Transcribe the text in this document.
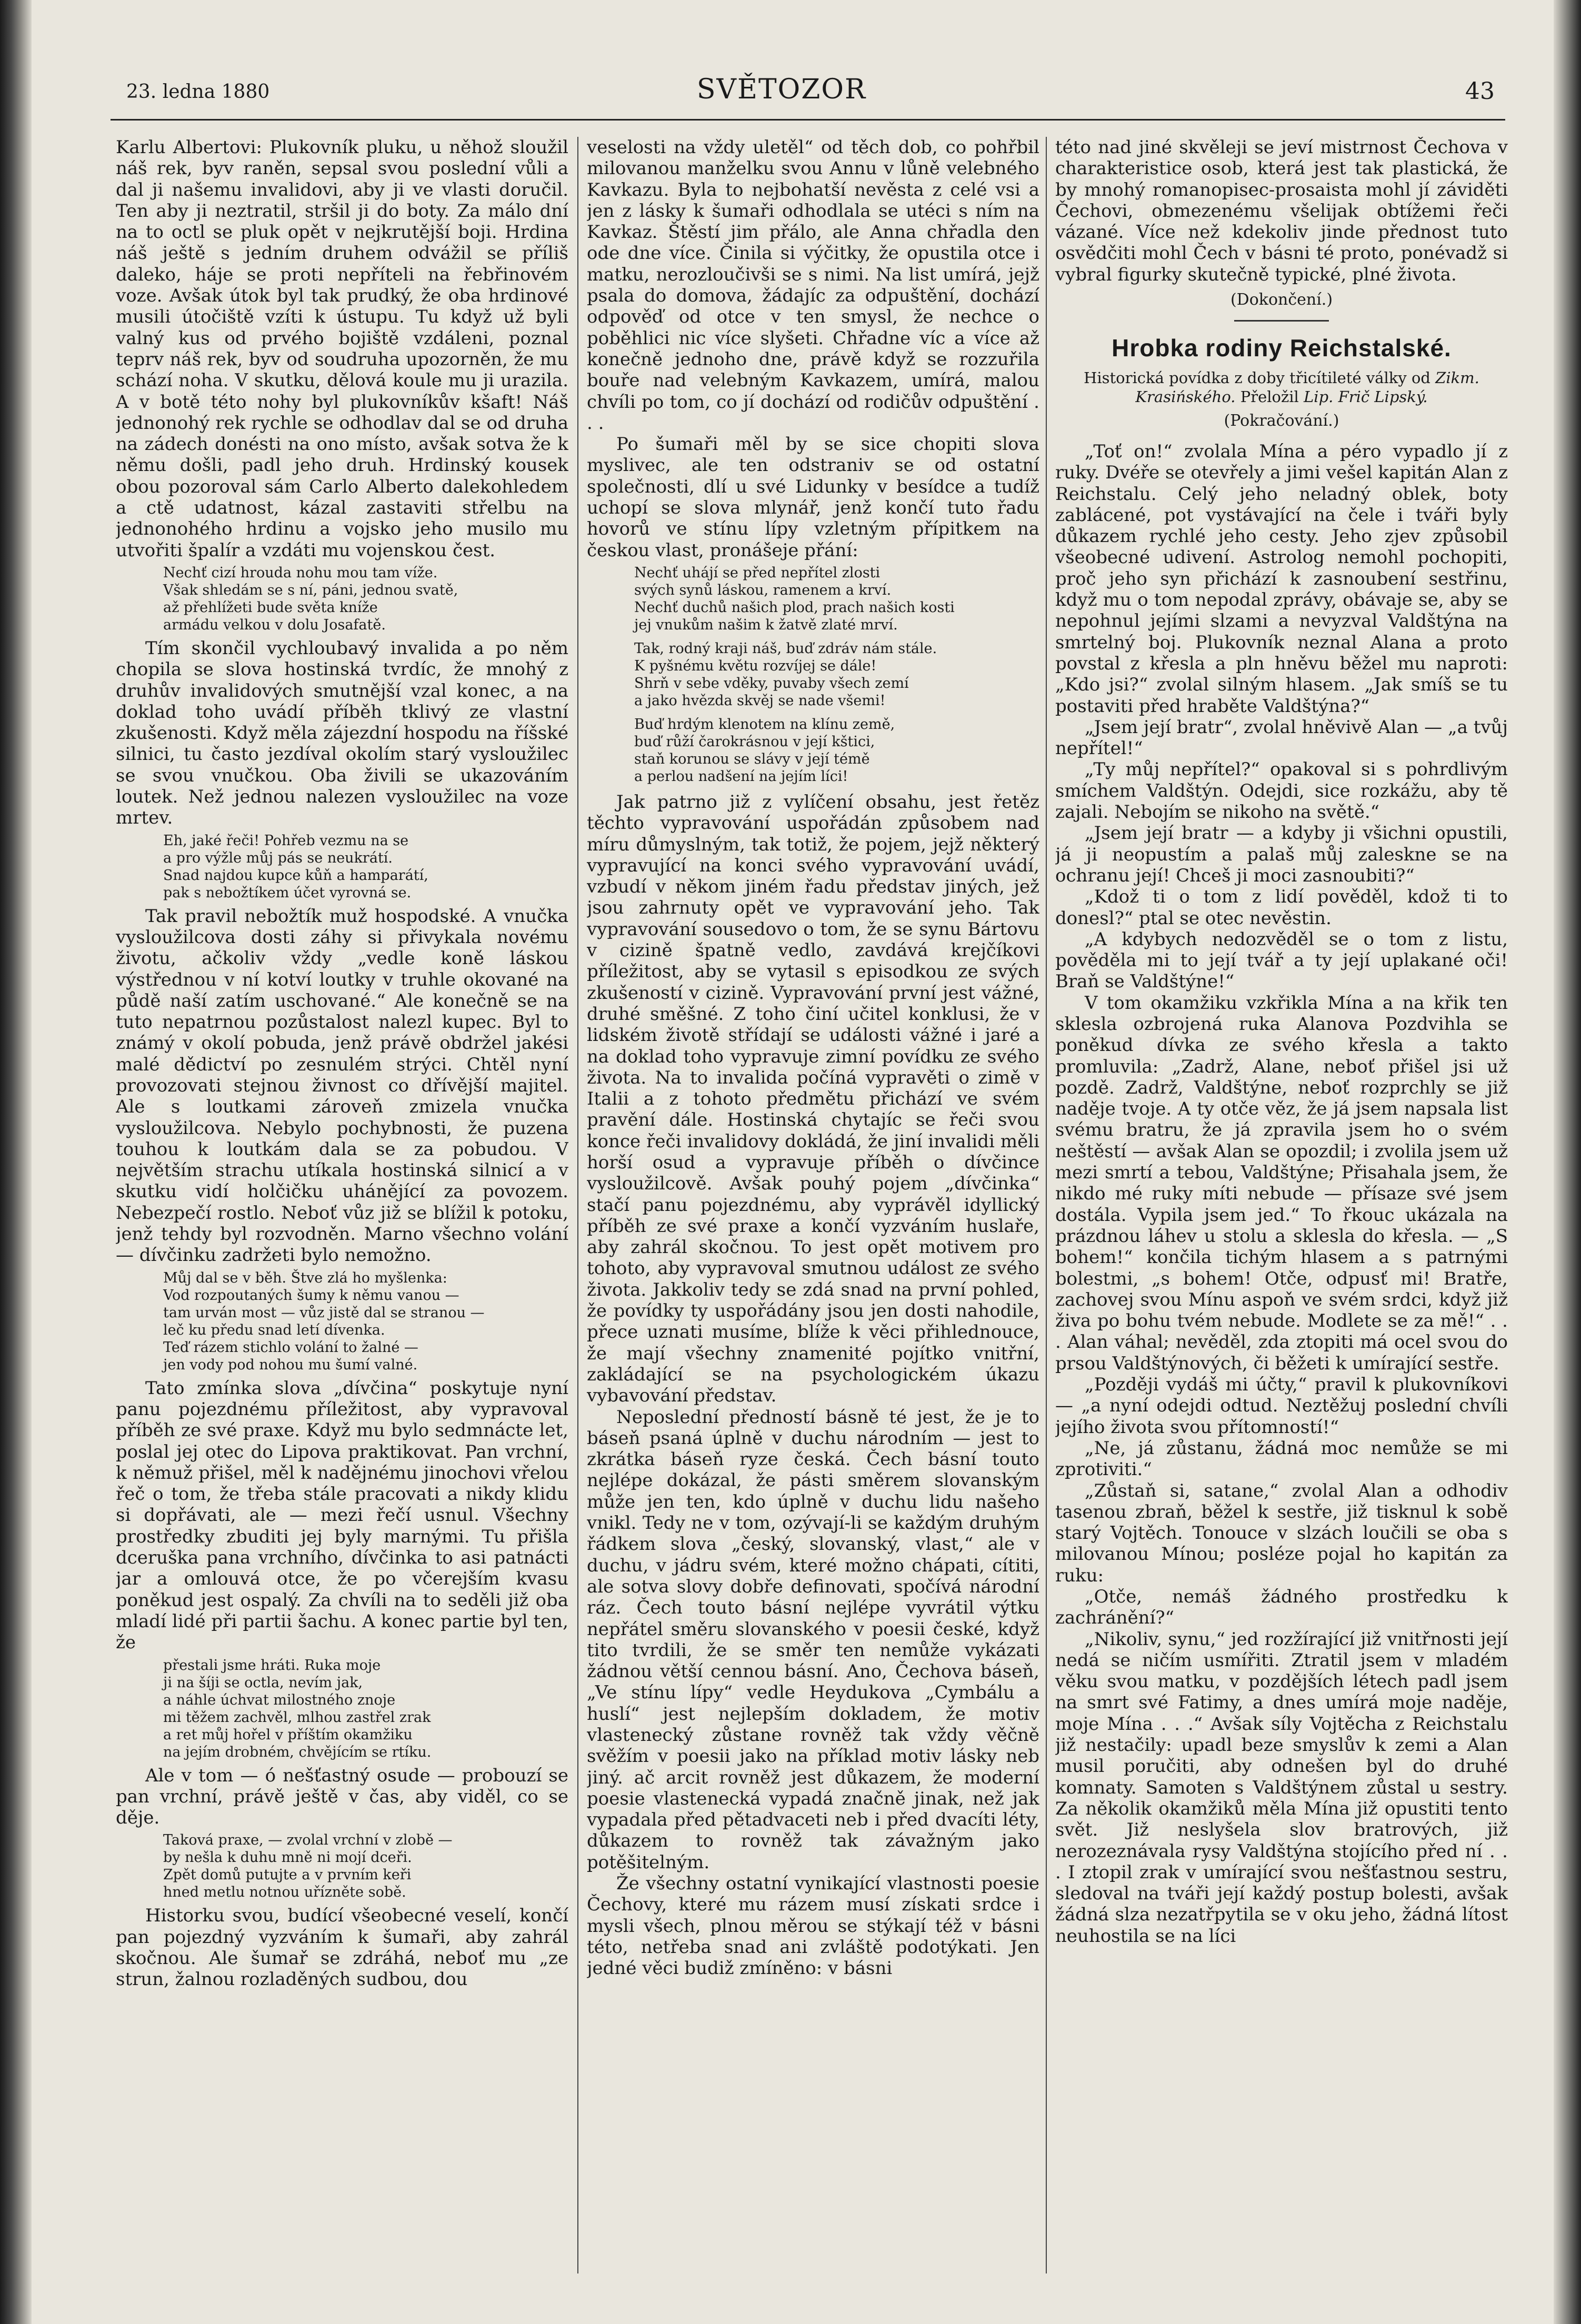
23. ledna 1880	SVĚTOZOR	43

Karlu Albertovi: Plukovník pluku, u něhož sloužil náš rek, byv raněn, sepsal svou poslední vůli a dal ji našemu invalidovi, aby ji ve vlasti doručil. Ten aby ji neztratil, stršil ji do boty. Za málo dní na to octl se pluk opět v nejkrutější boji. Hrdina náš ještě s jedním druhem odvážil se příliš daleko, háje se proti nepříteli na řebřinovém voze. Avšak útok byl tak prudký, že oba hrdinové musili útočiště vzíti k ústupu. Tu když už byli valný kus od prvého bojiště vzdáleni, poznal teprv náš rek, byv od soudruha upozorněn, že mu schází noha. V skutku, dělová koule mu ji urazila. A v botě této nohy byl plukovníkův kšaft! Náš jednonohý rek rychle se odhodlav dal se od druha na zádech donésti na ono místo, avšak sotva že k němu došli, padl jeho druh. Hrdinský kousek obou pozoroval sám Carlo Alberto dalekohledem a ctě udatnost, kázal zastaviti střelbu na jednonohého hrdinu a vojsko jeho musilo mu utvořiti špalír a vzdáti mu vojenskou čest.

Nechť cizí hrouda nohu mou tam víže.
Však shledám se s ní, páni, jednou svatě,
až přehlížeti bude světa kníže
armádu velkou v dolu Josafatě.

Tím skončil vychloubavý invalida a po něm chopila se slova hostinská tvrdíc, že mnohý z druhův invalidových smutnější vzal konec, a na doklad toho uvádí příběh tklivý ze vlastní zkušenosti. Když měla zájezdní hospodu na říšské silnici, tu často jezdíval okolím starý vysloužilec se svou vnučkou. Oba živili se ukazováním loutek. Než jednou nalezen vysloužilec na voze mrtev.

Eh, jaké řeči! Pohřeb vezmu na se
a pro výžle můj pás se neukrátí.
Snad najdou kupce kůň a hamparátí,
pak s nebožtíkem účet vyrovná se.

Tak pravil nebožtík muž hospodské. A vnučka vysloužilcova dosti záhy si přivykala novému životu, ačkoliv vždy „vedle koně láskou výstřednou v ní kotví loutky v truhle okované na půdě naší zatím uschované.“ Ale konečně se na tuto nepatrnou pozůstalost nalezl kupec. Byl to známý v okolí pobuda, jenž právě obdržel jakési malé dědictví po zesnulém strýci. Chtěl nyní provozovati stejnou živnost co dřívější majitel. Ale s loutkami zároveň zmizela vnučka vysloužilcova. Nebylo pochybnosti, že puzena touhou k loutkám dala se za pobudou. V největším strachu utíkala hostinská silnicí a v skutku vidí holčičku uhánějící za povozem. Nebezpečí rostlo. Neboť vůz již se blížil k potoku, jenž tehdy byl rozvodněn. Marno všechno volání — dívčinku zadržeti bylo nemožno.

Můj dal se v běh. Štve zlá ho myšlenka:
Vod rozpoutaných šumy k němu vanou —
tam urván most — vůz jistě dal se stranou —
leč ku předu snad letí dívenka.
Teď rázem stichlo volání to žalné —
jen vody pod nohou mu šumí valné.

Tato zmínka slova „dívčina“ poskytuje nyní panu pojezdnému příležitost, aby vypravoval příběh ze své praxe. Když mu bylo sedmnácte let, poslal jej otec do Lipova praktikovat. Pan vrchní, k němuž přišel, měl k nadějnému jinochovi vřelou řeč o tom, že třeba stále pracovati a nikdy klidu si dopřávati, ale — mezi řečí usnul. Všechny prostředky zbuditi jej byly marnými. Tu přišla dceruška pana vrchního, dívčinka to asi patnácti jar a omlouvá otce, že po včerejším kvasu poněkud jest ospalý. Za chvíli na to seděli již oba mladí lidé při partii šachu. A konec partie byl ten, že

přestali jsme hráti. Ruka moje
ji na šíji se octla, nevím jak,
a náhle úchvat milostného znoje
mi těžem zachvěl, mlhou zastřel zrak
a ret můj hořel v příštím okamžiku
na jejím drobném, chvějícím se rtíku.

Ale v tom — ó nešťastný osude — probouzí se pan vrchní, právě ještě v čas, aby viděl, co se děje.

Taková praxe, — zvolal vrchní v zlobě —
by nešla k duhu mně ni mojí dceři.
Zpět domů putujte a v prvním keři
hned metlu notnou uřízněte sobě.

Historku svou, budící všeobecné veselí, končí pan pojezdný vyzváním k šumaři, aby zahrál skočnou. Ale šumař se zdráhá, neboť mu „ze strun, žalnou rozladěných sudbou, dou

veselosti na vždy uletěl“ od těch dob, co pohřbil milovanou manželku svou Annu v lůně velebného Kavkazu. Byla to nejbohatší nevěsta z celé vsi a jen z lásky k šumaři odhodlala se utéci s ním na Kavkaz. Štěstí jim přálo, ale Anna chřadla den ode dne více. Činila si výčitky, že opustila otce i matku, nerozloučivši se s nimi. Na list umírá, jejž psala do domova, žádajíc za odpuštění, dochází odpověď od otce v ten smysl, že nechce o poběhlici nic více slyšeti. Chřadne víc a více až konečně jednoho dne, právě když se rozzuřila bouře nad velebným Kavkazem, umírá, malou chvíli po tom, co jí dochází od rodičův odpuštění . . .

Po šumaři měl by se sice chopiti slova myslivec, ale ten odstraniv se od ostatní společnosti, dlí u své Lidunky v besídce a tudíž uchopí se slova mlynář, jenž končí tuto řadu hovorů ve stínu lípy vzletným přípitkem na českou vlast, pronášeje přání:

Nechť uhájí se před nepřítel zlosti
svých synů láskou, ramenem a krví.
Nechť duchů našich plod, prach našich kosti
jej vnukům našim k žatvě zlaté mrví.
Tak, rodný kraji náš, buď zdráv nám stále.
K pyšnému květu rozvíjej se dále!
Shrň v sebe vděky, puvaby všech zemí
a jako hvězda skvěj se nade všemi!
Buď hrdým klenotem na klínu země,
buď růží čarokrásnou v její kštici,
staň korunou se slávy v její témě
a perlou nadšení na jejím líci!

Jak patrno již z vylíčení obsahu, jest řetěz těchto vypravování uspořádán způsobem nad míru důmyslným, tak totiž, že pojem, jejž některý vypravující na konci svého vypravování uvádí, vzbudí v někom jiném řadu představ jiných, jež jsou zahrnuty opět ve vypravování jeho. Tak vypravování sousedovo o tom, že se synu Bártovu v cizině špatně vedlo, zavdává krejčíkovi příležitost, aby se vytasil s episodkou ze svých zkušeností v cizině. Vypravování první jest vážné, druhé směšné. Z toho činí učitel konklusi, že v lidském životě střídají se události vážné i jaré a na doklad toho vypravuje zimní povídku ze svého života. Na to invalida počíná vypravěti o zimě v Italii a z tohoto předmětu přichází ve svém pravění dále. Hostinská chytajíc se řeči svou konce řeči invalidovy dokládá, že jiní invalidi měli horší osud a vypravuje příběh o dívčince vysloužilcově. Avšak pouhý pojem „dívčinka“ stačí panu pojezdnému, aby vyprávěl idyllický příběh ze své praxe a končí vyzváním huslaře, aby zahrál skočnou. To jest opět motivem pro tohoto, aby vypravoval smutnou událost ze svého života. Jakkoliv tedy se zdá snad na první pohled, že povídky ty uspořádány jsou jen dosti nahodile, přece uznati musíme, blíže k věci přihlednouce, že mají všechny znamenité pojítko vnitřní, zakládající se na psychologickém úkazu vybavování představ.

Neposlední předností básně té jest, že je to báseň psaná úplně v duchu národním — jest to zkrátka báseň ryze česká. Čech básní touto nejlépe dokázal, že pásti směrem slovanským může jen ten, kdo úplně v duchu lidu našeho vnikl. Tedy ne v tom, ozývají-li se každým druhým řádkem slova „český, slovanský, vlast,“ ale v duchu, v jádru svém, které možno chápati, cítiti, ale sotva slovy dobře definovati, spočívá národní ráz. Čech touto básní nejlépe vyvrátil výtku nepřátel směru slovanského v poesii české, když tito tvrdili, že se směr ten nemůže vykázati žádnou větší cennou básní. Ano, Čechova báseň, „Ve stínu lípy“ vedle Heydukova „Cymbálu a huslí“ jest nejlepším dokladem, že motiv vlastenecký zůstane rovněž tak vždy věčně svěžím v poesii jako na příklad motiv lásky neb jiný. ač arcit rovněž jest důkazem, že moderní poesie vlastenecká vypadá značně jinak, než jak vypadala před pětadvaceti neb i před dvacíti léty, důkazem to rovněž tak závažným jako potěšitelným.

Že všechny ostatní vynikající vlastnosti poesie Čechovy, které mu rázem musí získati srdce i mysli všech, plnou měrou se stýkají též v básni této, netřeba snad ani zvláště podotýkati. Jen jedné věci budiž zmíněno: v básni

této nad jiné skvěleji se jeví mistrnost Čechova v charakteristice osob, která jest tak plastická, že by mnohý romanopisec-prosaista mohl jí záviděti Čechovi, obmezenému všelijak obtížemi řeči vázané. Více než kdekoliv jinde přednost tuto osvědčiti mohl Čech v básni té proto, ponévadž si vybral figurky skutečně typické, plné života.

(Dokončení.)
Hrobka rodiny Reichstalské.
Historická povídka z doby třicítileté války od Zikm. Krasińského. Přeložil Lip. Frič Lipský.
(Pokračování.)

„Toť on!“ zvolala Mína a péro vypadlo jí z ruky. Dvéře se otevřely a jimi vešel kapitán Alan z Reichstalu. Celý jeho neladný oblek, boty zablácené, pot vystávající na čele i tváři byly důkazem rychlé jeho cesty. Jeho zjev způsobil všeobecné udivení. Astrolog nemohl pochopiti, proč jeho syn přichází k zasnoubení sestřinu, když mu o tom nepodal zprávy, obávaje se, aby se nepohnul jejími slzami a nevyzval Valdštýna na smrtelný boj. Plukovník neznal Alana a proto povstal z křesla a pln hněvu běžel mu naproti: „Kdo jsi?“ zvolal silným hlasem. „Jak smíš se tu postaviti před hraběte Valdštýna?“

„Jsem její bratr“, zvolal hněvivě Alan — „a tvůj nepřítel!“

„Ty můj nepřítel?“ opakoval si s pohrdlivým smíchem Valdštýn. Odejdi, sice rozkážu, aby tě zajali. Nebojím se nikoho na světě.“

„Jsem její bratr — a kdyby ji všichni opustili, já ji neopustím a palaš můj zaleskne se na ochranu její! Chceš ji moci zasnoubiti?“

„Kdož ti o tom z lidí pověděl, kdož ti to donesl?“ ptal se otec nevěstin.

„A kdybych nedozvěděl se o tom z listu, pověděla mi to její tvář a ty její uplakané oči! Braň se Valdštýne!“

V tom okamžiku vzkřikla Mína a na křik ten sklesla ozbrojená ruka Alanova Pozdvihla se poněkud dívka ze svého křesla a takto promluvila: „Zadrž, Alane, neboť přišel jsi už pozdě. Zadrž, Valdštýne, neboť rozprchly se již naděje tvoje. A ty otče věz, že já jsem napsala list svému bratru, že já zpravila jsem ho o svém neštěstí — avšak Alan se opozdil; i zvolila jsem už mezi smrtí a tebou, Valdštýne; Přisahala jsem, že nikdo mé ruky míti nebude — přísaze své jsem dostála. Vypila jsem jed.“ To řkouc ukázala na prázdnou láhev u stolu a sklesla do křesla. — „S bohem!“ končila tichým hlasem a s patrnými bolestmi, „s bohem! Otče, odpusť mi! Bratře, zachovej svou Mínu aspoň ve svém srdci, když již živa po bohu tvém nebude. Modlete se za mě!“ . . . Alan váhal; nevěděl, zda ztopiti má ocel svou do prsou Valdštýnových, či běžeti k umírající sestře.

„Později vydáš mi účty,“ pravil k plukovníkovi — „a nyní odejdi odtud. Neztěžuj poslední chvíli jejího života svou přítomností!“

„Ne, já zůstanu, žádná moc nemůže se mi zprotiviti.“

„Zůstaň si, satane,“ zvolal Alan a odhodiv tasenou zbraň, běžel k sestře, již tisknul k sobě starý Vojtěch. Tonouce v slzách loučili se oba s milovanou Mínou; posléze pojal ho kapitán za ruku:

„Otče, nemáš žádného prostředku k zachránění?“

„Nikoliv, synu,“ jed rozžírající již vnitřnosti její nedá se ničím usmířiti. Ztratil jsem v mladém věku svou matku, v pozdějších létech padl jsem na smrt své Fatimy, a dnes umírá moje naděje, moje Mína . . .“ Avšak síly Vojtěcha z Reichstalu již nestačily: upadl beze smyslův k zemi a Alan musil poručiti, aby odnešen byl do druhé komnaty. Samoten s Valdštýnem zůstal u sestry. Za několik okamžiků měla Mína již opustiti tento svět. Již neslyšela slov bratrových, již nerozeznávala rysy Valdštýna stojícího před ní . . . I ztopil zrak v umírající svou nešťastnou sestru, sledoval na tváři její každý postup bolesti, avšak žádná slza nezatřpytila se v oku jeho, žádná lítost neuhostila se na líci
